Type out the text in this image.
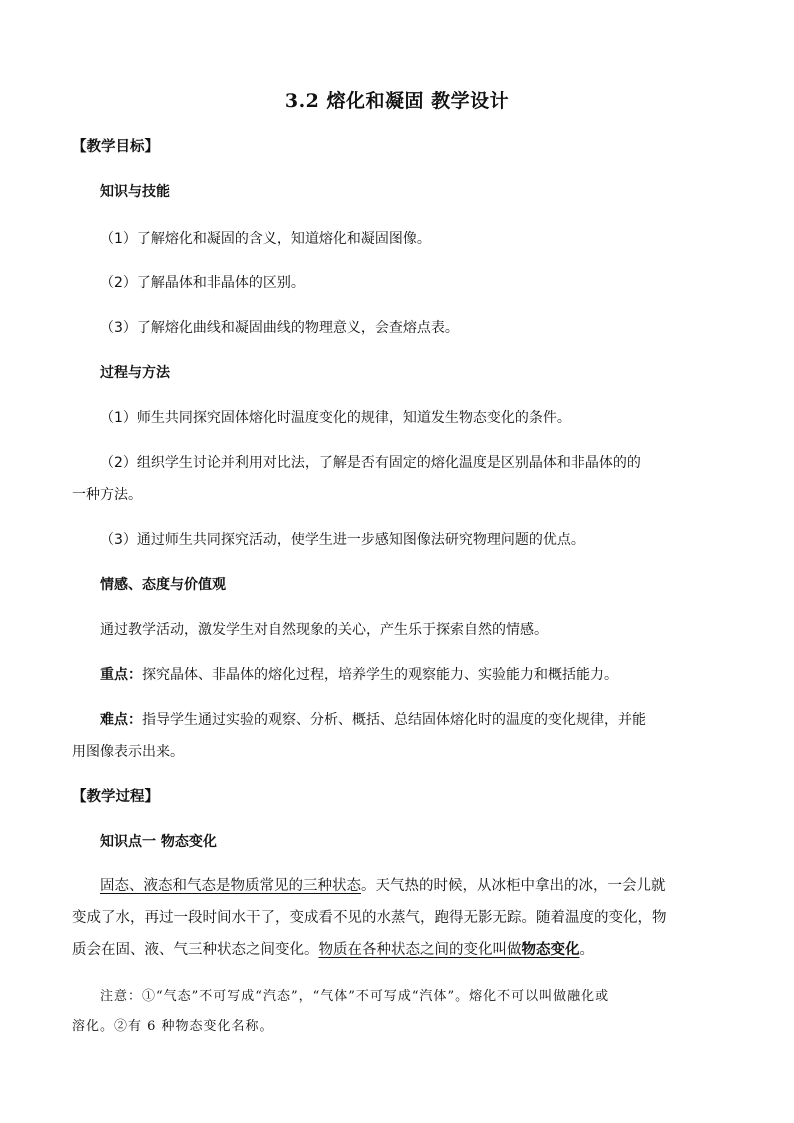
3.2 熔化和凝固 教学设计
【教学目标】
知识与技能
（1）了解熔化和凝固的含义，知道熔化和凝固图像。
（2）了解晶体和非晶体的区别。
（3）了解熔化曲线和凝固曲线的物理意义，会查熔点表。
过程与方法
（1）师生共同探究固体熔化时温度变化的规律，知道发生物态变化的条件。
（2）组织学生讨论并利用对比法，了解是否有固定的熔化温度是区别晶体和非晶体的的
一种方法。
（3）通过师生共同探究活动，使学生进一步感知图像法研究物理问题的优点。
情感、态度与价值观
通过教学活动，激发学生对自然现象的关心，产生乐于探索自然的情感。
重点：探究晶体、非晶体的熔化过程，培养学生的观察能力、实验能力和概括能力。
难点：指导学生通过实验的观察、分析、概括、总结固体熔化时的温度的变化规律，并能
用图像表示出来。
【教学过程】
知识点一 物态变化
固态、液态和气态是物质常见的三种状态。天气热的时候，从冰柜中拿出的冰，一会儿就
变成了水，再过一段时间水干了，变成看不见的水蒸气，跑得无影无踪。随着温度的变化，物
质会在固、液、气三种状态之间变化。物质在各种状态之间的变化叫做物态变化。
注意：①“气态”不可写成“汽态”，“气体”不可写成“汽体”。熔化不可以叫做融化或
溶化。②有 6 种物态变化名称。
